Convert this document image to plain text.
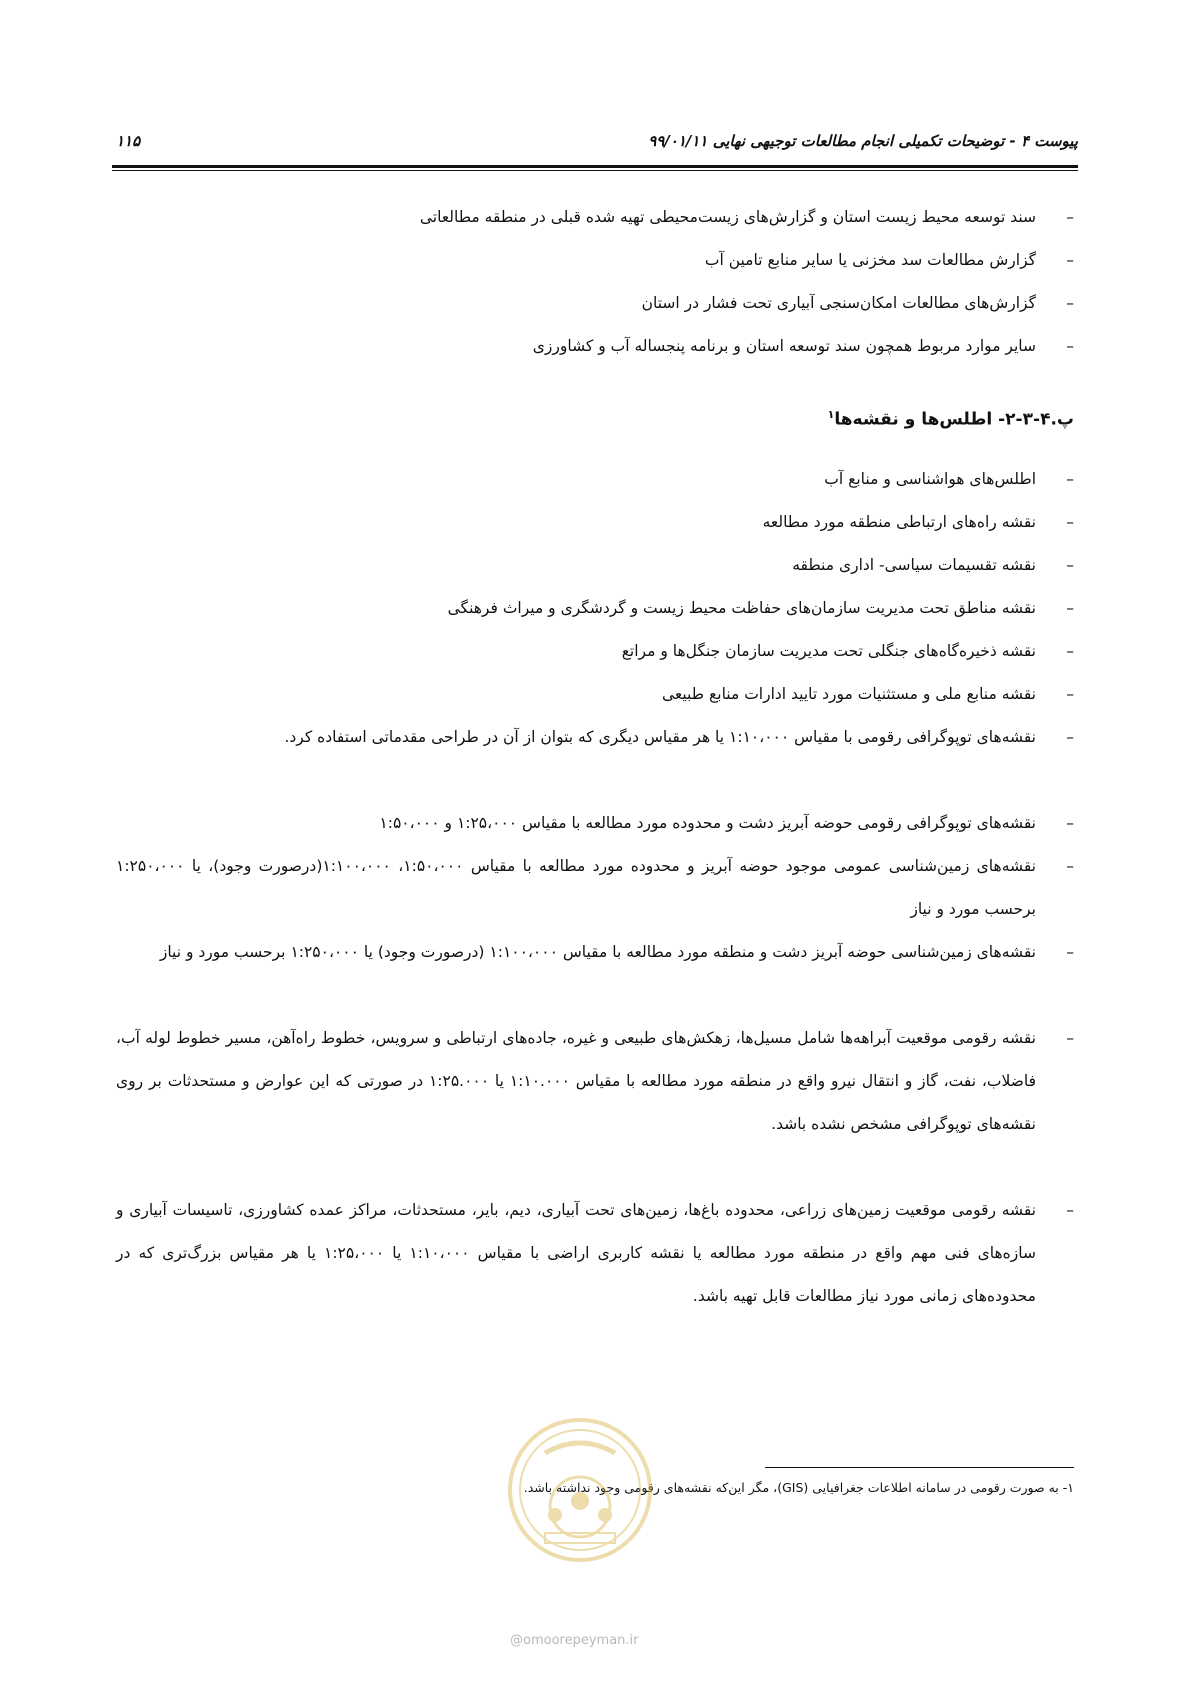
پیوست ۴ - توضیحات تکمیلی انجام مطالعات توجیهی نهایی ۹۹/۰۱/۱۱
۱۱۵
–
سند توسعه محیط زیست استان و گزارش‌های زیست‌محیطی تهیه شده قبلی در منطقه مطالعاتی
–
گزارش مطالعات سد مخزنی یا سایر منابع تامین آب
–
گزارش‌های مطالعات امکان‌سنجی آبیاری تحت فشار در استان
–
سایر موارد مربوط همچون سند توسعه استان و برنامه پنجساله آب و کشاورزی
پ.۴-۳-۲- اطلس‌ها و نقشه‌ها$^۱$
–
اطلس‌های هواشناسی و منابع آب
–
نقشه راه‌های ارتباطی منطقه مورد مطالعه
–
نقشه تقسیمات سیاسی- اداری منطقه
–
نقشه مناطق تحت مدیریت سازمان‌های حفاظت محیط زیست و گردشگری و میراث فرهنگی
–
نقشه ذخیره‌گاه‌های جنگلی تحت مدیریت سازمان جنگل‌ها و مراتع
–
نقشه منابع ملی و مستثنیات مورد تایید ادارات منابع طبیعی
–
نقشه‌های توپوگرافی رقومی با مقیاس ۱:۱۰،۰۰۰ یا هر مقیاس دیگری که بتوان از آن در طراحی مقدماتی استفاده کرد.
–
نقشه‌های توپوگرافی رقومی حوضه آبریز دشت و محدوده مورد مطالعه با مقیاس ۱:۲۵،۰۰۰ و ۱:۵۰،۰۰۰
–
نقشه‌های زمین‌شناسی عمومی موجود حوضه آبریز و محدوده مورد مطالعه با مقیاس ۱:۵۰،۰۰۰، ۱:۱۰۰،۰۰۰(درصورت وجود)، یا ۱:۲۵۰،۰۰۰ برحسب مورد و نیاز
–
نقشه‌های زمین‌شناسی حوضه آبریز دشت و منطقه مورد مطالعه با مقیاس ۱:۱۰۰،۰۰۰ (درصورت وجود) یا ۱:۲۵۰،۰۰۰ برحسب مورد و نیاز
–
نقشه رقومی موقعیت آبراهه‌ها شامل مسیل‌ها، زهکش‌های طبیعی و غیره، جاده‌های ارتباطی و سرویس، خطوط راه‌آهن، مسیر خطوط لوله آب، فاضلاب، نفت، گاز و انتقال نیرو واقع در منطقه مورد مطالعه با مقیاس ۱:۱۰.۰۰۰ یا ۱:۲۵.۰۰۰ در صورتی که این عوارض و مستحدثات بر روی نقشه‌های توپوگرافی مشخص نشده باشد.
–
نقشه رقومی موقعیت زمین‌های زراعی، محدوده باغ‌ها، زمین‌های تحت آبیاری، دیم، بایر، مستحدثات، مراکز عمده کشاورزی، تاسیسات آبیاری و سازه‌های فنی مهم واقع در منطقه مورد مطالعه یا نقشه کاربری اراضی با مقیاس ۱:۱۰،۰۰۰ یا ۱:۲۵،۰۰۰ یا هر مقیاس بزرگ‌تری که در محدوده‌های زمانی مورد نیاز مطالعات قابل تهیه باشد.
۱- به صورت رقومی در سامانه اطلاعات جغرافیایی (GIS)، مگر این‌که نقشه‌های رقومی وجود نداشته باشد.
@omoorepeyman.ir
